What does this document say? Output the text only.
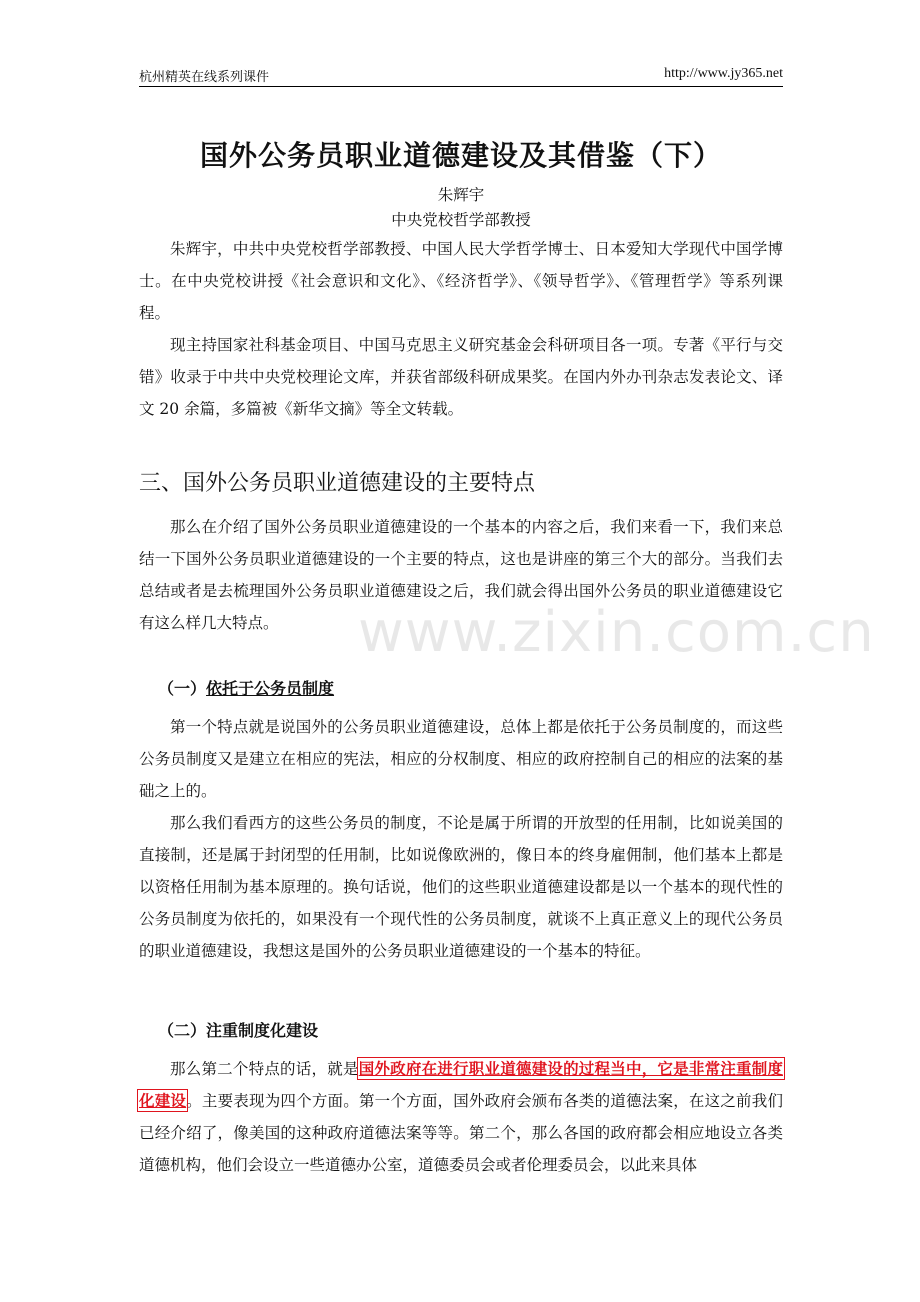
杭州精英在线系列课件	http://www.jy365.net
国外公务员职业道德建设及其借鉴（下）
朱辉宇
中央党校哲学部教授

朱辉宇，中共中央党校哲学部教授、中国人民大学哲学博士、日本爱知大学现代中国学博士。在中央党校讲授《社会意识和文化》、《经济哲学》、《领导哲学》、《管理哲学》等系列课程。

现主持国家社科基金项目、中国马克思主义研究基金会科研项目各一项。专著《平行与交错》收录于中共中央党校理论文库，并获省部级科研成果奖。在国内外办刊杂志发表论文、译文 20 余篇，多篇被《新华文摘》等全文转载。

三、国外公务员职业道德建设的主要特点

那么在介绍了国外公务员职业道德建设的一个基本的内容之后，我们来看一下，我们来总结一下国外公务员职业道德建设的一个主要的特点，这也是讲座的第三个大的部分。当我们去总结或者是去梳理国外公务员职业道德建设之后，我们就会得出国外公务员的职业道德建设它有这么样几大特点。

（一）依托于公务员制度

第一个特点就是说国外的公务员职业道德建设，总体上都是依托于公务员制度的，而这些公务员制度又是建立在相应的宪法，相应的分权制度、相应的政府控制自己的相应的法案的基础之上的。

那么我们看西方的这些公务员的制度，不论是属于所谓的开放型的任用制，比如说美国的直接制，还是属于封闭型的任用制，比如说像欧洲的，像日本的终身雇佣制，他们基本上都是以资格任用制为基本原理的。换句话说，他们的这些职业道德建设都是以一个基本的现代性的公务员制度为依托的，如果没有一个现代性的公务员制度，就谈不上真正意义上的现代公务员的职业道德建设，我想这是国外的公务员职业道德建设的一个基本的特征。

（二）注重制度化建设

那么第二个特点的话，就是国外政府在进行职业道德建设的过程当中，它是非常注重制度化建设。主要表现为四个方面。第一个方面，国外政府会颁布各类的道德法案，在这之前我们已经介绍了，像美国的这种政府道德法案等等。第二个，那么各国的政府都会相应地设立各类道德机构，他们会设立一些道德办公室，道德委员会或者伦理委员会，以此来具体

www.zixin.com.cn
